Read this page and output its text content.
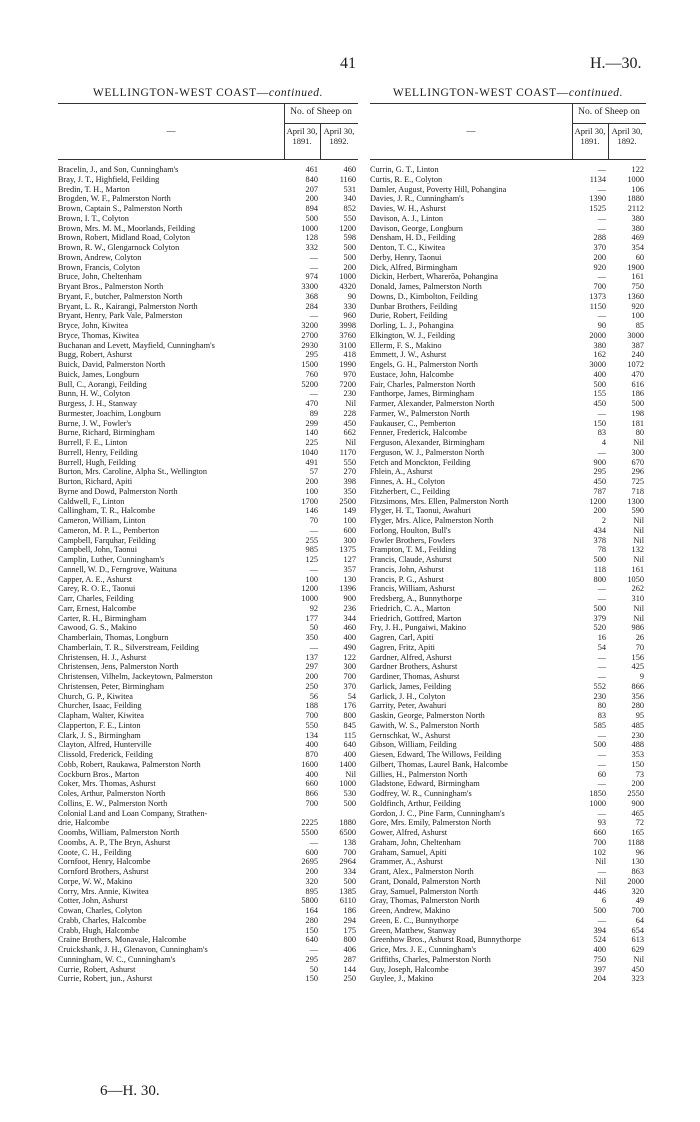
41	H.—30.
WELLINGTON-WEST COAST—continued.
—
No. of Sheep on
April 30,
1891.
April 30,
1892.
Bracelin, J., and Son, Cunningham's	461	460
Bray, J. T., Highfield, Feilding	840	1160
Bredin, T. H., Marton	207	531
Brogden, W. F., Palmerston North	200	340
Brown, Captain S., Palmerston North	894	852
Brown, I. T., Colyton	500	550
Brown, Mrs. M. M., Moorlands, Feilding	1000	1200
Brown, Robert, Midland Road, Colyton	128	598
Brown, R. W., Glengarnock Colyton	332	500
Brown, Andrew, Colyton	—	500
Brown, Francis, Colyton	—	200
Bruce, John, Cheltenham	974	1000
Bryant Bros., Palmerston North	3300	4320
Bryant, F., butcher, Palmerston North	368	90
Bryant, L. R., Kairangi, Palmerston North	284	330
Bryant, Henry, Park Vale, Palmerston	—	960
Bryce, John, Kiwitea	3200	3998
Bryce, Thomas, Kiwitea	2700	3760
Buchanan and Levett, Mayfield, Cunningham's	2930	3100
Bugg, Robert, Ashurst	295	418
Buick, David, Palmerston North	1500	1990
Buick, James, Longburn	760	970
Bull, C., Aorangi, Feilding	5200	7200
Bunn, H. W., Colyton	—	230
Burgess, J. H., Stanway	470	Nil
Burmester, Joachim, Longburn	89	228
Burne, J. W., Fowler's	299	450
Burne, Richard, Birmingham	140	662
Burrell, F. E., Linton	225	Nil
Burrell, Henry, Feilding	1040	1170
Burrell, Hugh, Feilding	491	550
Burton, Mrs. Caroline, Alpha St., Wellington	57	270
Burton, Richard, Apiti	200	398
Byrne and Dowd, Palmerston North	100	350
Caldwell, F., Linton	1700	2500
Callingham, T. R., Halcombe	146	149
Cameron, William, Linton	70	100
Cameron, M. P. L., Pemberton	—	600
Campbell, Farquhar, Feilding	255	300
Campbell, John, Taonui	985	1375
Camplin, Luther, Cunningham's	125	127
Cannell, W. D., Ferngrove, Waituna	—	357
Capper, A. E., Ashurst	100	130
Carey, R. O. E., Taonui	1200	1396
Carr, Charles, Feilding	1000	900
Carr, Ernest, Halcombe	92	236
Carter, R. H., Birmingham	177	344
Cawood, G. S., Makino	50	460
Chamberlain, Thomas, Longburn	350	400
Chamberlain, T. R., Silverstream, Feilding	—	490
Christensen, H. J., Ashurst	137	122
Christensen, Jens, Palmerston North	297	300
Christensen, Vilhelm, Jackeytown, Palmerston	200	700
Christensen, Peter, Birmingham	250	370
Church, G. P., Kiwitea	56	54
Churcher, Isaac, Feilding	188	176
Clapham, Walter, Kiwitea	700	800
Clapperton, F. E., Linton	550	845
Clark, J. S., Birmingham	134	115
Clayton, Alfred, Hunterville	400	640
Clissold, Frederick, Feilding	870	400
Cobb, Robert, Raukawa, Palmerston North	1600	1400
Cockburn Bros., Marton	400	Nil
Coker, Mrs. Thomas, Ashurst	660	1000
Coles, Arthur, Palmerston North	866	530
Collins, E. W., Palmerston North	700	500
Colonial Land and Loan Company, Strathen-
drie, Halcombe	2225	1880
Coombs, William, Palmerston North	5500	6500
Coombs, A. P., The Bryn, Ashurst	—	138
Coote, C. H., Feilding	600	700
Cornfoot, Henry, Halcombe	2695	2964
Cornford Brothers, Ashurst	200	334
Corpe, W. W., Makino	320	500
Corry, Mrs. Annie, Kiwitea	895	1385
Cotter, John, Ashurst	5800	6110
Cowan, Charles, Colyton	164	186
Crabb, Charles, Halcombe	280	294
Crabb, Hugh, Halcombe	150	175
Craine Brothers, Monavale, Halcombe	640	800
Cruickshank, J. H., Glenavon, Cunningham's	—	406
Cunningham, W. C., Cunningham's	295	287
Currie, Robert, Ashurst	50	144
Currie, Robert, jun., Ashurst	150	250
WELLINGTON-WEST COAST—continued.
—
No. of Sheep on
April 30,
1891.
April 30,
1892.
Currin, G. T., Linton	—	122
Curtis, R. E., Colyton	1134	1000
Damler, August, Poverty Hill, Pohangina	—	106
Davies, J. R., Cunningham's	1390	1880
Davies, W. H., Ashurst	1525	2112
Davison, A. J., Linton	—	380
Davison, George, Longburn	—	380
Densham, H. D., Feilding	288	469
Denton, T. C., Kiwitea	370	354
Derby, Henry, Taonui	200	60
Dick, Alfred, Birmingham	920	1900
Dickin, Herbert, Wharerōa, Pohangina	—	161
Donald, James, Palmerston North	700	750
Downs, D., Kimbolton, Feilding	1373	1360
Dunbar Brothers, Feilding	1150	920
Durie, Robert, Feilding	—	100
Dorling, L. J., Pohangina	90	85
Elkington, W. J., Feilding	2000	3000
Ellerm, F. S., Makino	380	387
Emmett, J. W., Ashurst	162	240
Engels, G. H., Palmerston North	3000	1072
Eustace, John, Halcombe	400	470
Fair, Charles, Palmerston North	500	616
Fanthorpe, James, Birmingham	155	186
Farmer, Alexander, Palmerston North	450	500
Farmer, W., Palmerston North	—	198
Faukauser, C., Pemberton	150	181
Fenner, Frederick, Halcombe	83	80
Ferguson, Alexander, Birmingham	4	Nil
Ferguson, W. J., Palmerston North	—	300
Fetch and Monckton, Feilding	900	670
Fhlein, A., Ashurst	295	296
Finnes, A. H., Colyton	450	725
Fitzherbert, C., Feilding	787	718
Fitzsimons, Mrs. Ellen, Palmerston North	1200	1300
Flyger, H. T., Taonui, Awahuri	200	590
Flyger, Mrs. Alice, Palmerston North	2	Nil
Forlong, Houlton, Bull's	434	Nil
Fowler Brothers, Fowlers	378	Nil
Frampton, T. M., Feilding	78	132
Francis, Claude, Ashurst	500	Nil
Francis, John, Ashurst	118	161
Francis, P. G., Ashurst	800	1050
Francis, William, Ashurst	—	262
Fredsberg, A., Bunnythorpe	—	310
Friedrich, C. A., Marton	500	Nil
Friedrich, Gottfred, Marton	379	Nil
Fry, J. H., Pungaiwi, Makino	520	986
Gagren, Carl, Apiti	16	26
Gagren, Fritz, Apiti	54	70
Gardner, Alfred, Ashurst	—	156
Gardner Brothers, Ashurst	—	425
Gardiner, Thomas, Ashurst	—	9
Garlick, James, Feilding	552	866
Garlick, J. H., Colyton	230	356
Garrity, Peter, Awahuri	80	280
Gaskin, George, Palmerston North	83	95
Gawith, W. S., Palmerston North	585	485
Gernschkat, W., Ashurst	—	230
Gibson, William, Feilding	500	488
Giesen, Edward, The Willows, Feilding	—	353
Gilbert, Thomas, Laurel Bank, Halcombe	—	150
Gillies, H., Palmerston North	60	73
Gladstone, Edward, Birmingham	—	200
Godfrey, W. R., Cunningham's	1850	2550
Goldfinch, Arthur, Feilding	1000	900
Gordon, J. C., Pine Farm, Cunningham's	—	465
Gore, Mrs. Emily, Palmerston North	93	72
Gower, Alfred, Ashurst	660	165
Graham, John, Cheltenham	700	1188
Graham, Samuel, Apiti	102	96
Grammer, A., Ashurst	Nil	130
Grant, Alex., Palmerston North	—	863
Grant, Donald, Palmerston North	Nil	2000
Gray, Samuel, Palmerston North	446	320
Gray, Thomas, Palmerston North	6	49
Green, Andrew, Makino	500	700
Green, E. C., Bunnythorpe	—	64
Green, Matthew, Stanway	394	654
Greenhow Bros., Ashurst Road, Bunnythorpe	524	613
Grice, Mrs. J. E., Cunningham's	400	629
Griffiths, Charles, Palmerston North	750	Nil
Guy, Joseph, Halcombe	397	450
Guylee, J., Makino	204	323
6—H. 30.
